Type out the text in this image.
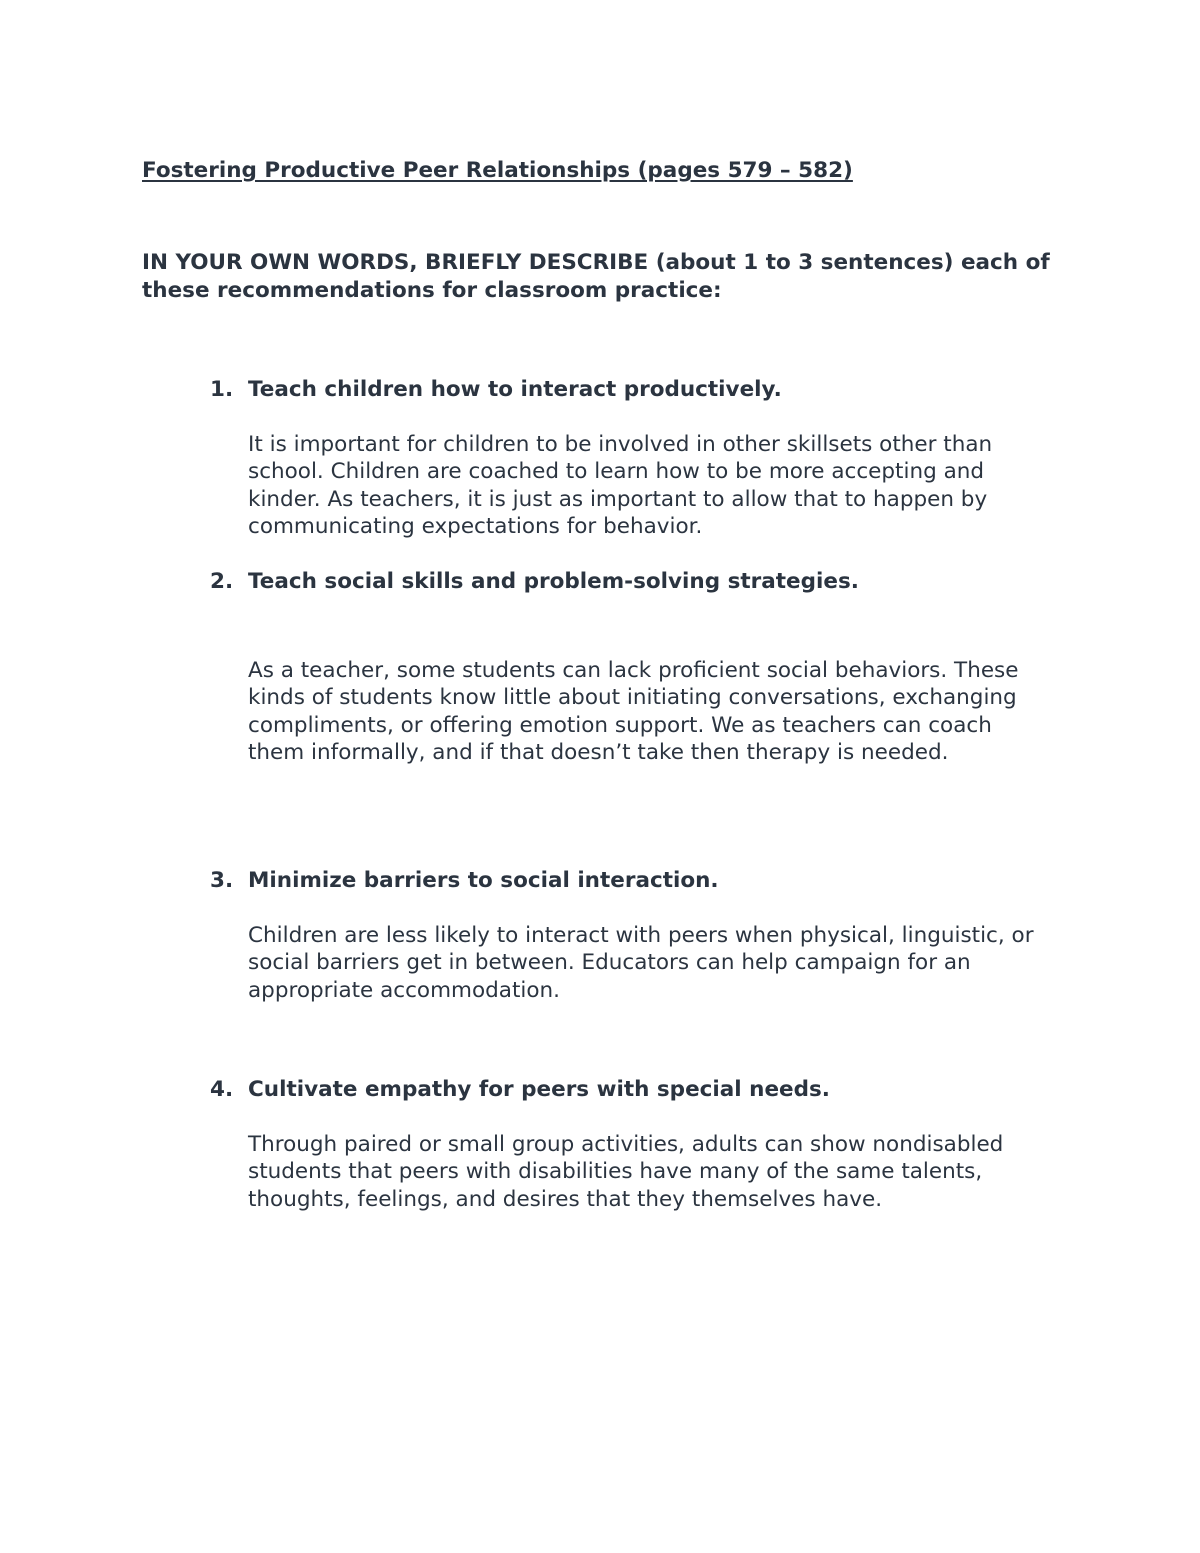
Fostering Productive Peer Relationships (pages 579 – 582)
IN YOUR OWN WORDS, BRIEFLY DESCRIBE (about 1 to 3 sentences) each of these recommendations for classroom practice:
1. Teach children how to interact productively.
It is important for children to be involved in other skillsets other than school. Children are coached to learn how to be more accepting and kinder. As teachers, it is just as important to allow that to happen by communicating expectations for behavior.
2. Teach social skills and problem-solving strategies.
As a teacher, some students can lack proficient social behaviors. These kinds of students know little about initiating conversations, exchanging compliments, or offering emotion support. We as teachers can coach them informally, and if that doesn’t take then therapy is needed.
3. Minimize barriers to social interaction.
Children are less likely to interact with peers when physical, linguistic, or social barriers get in between. Educators can help campaign for an appropriate accommodation.
4. Cultivate empathy for peers with special needs.
Through paired or small group activities, adults can show nondisabled students that peers with disabilities have many of the same talents, thoughts, feelings, and desires that they themselves have.
